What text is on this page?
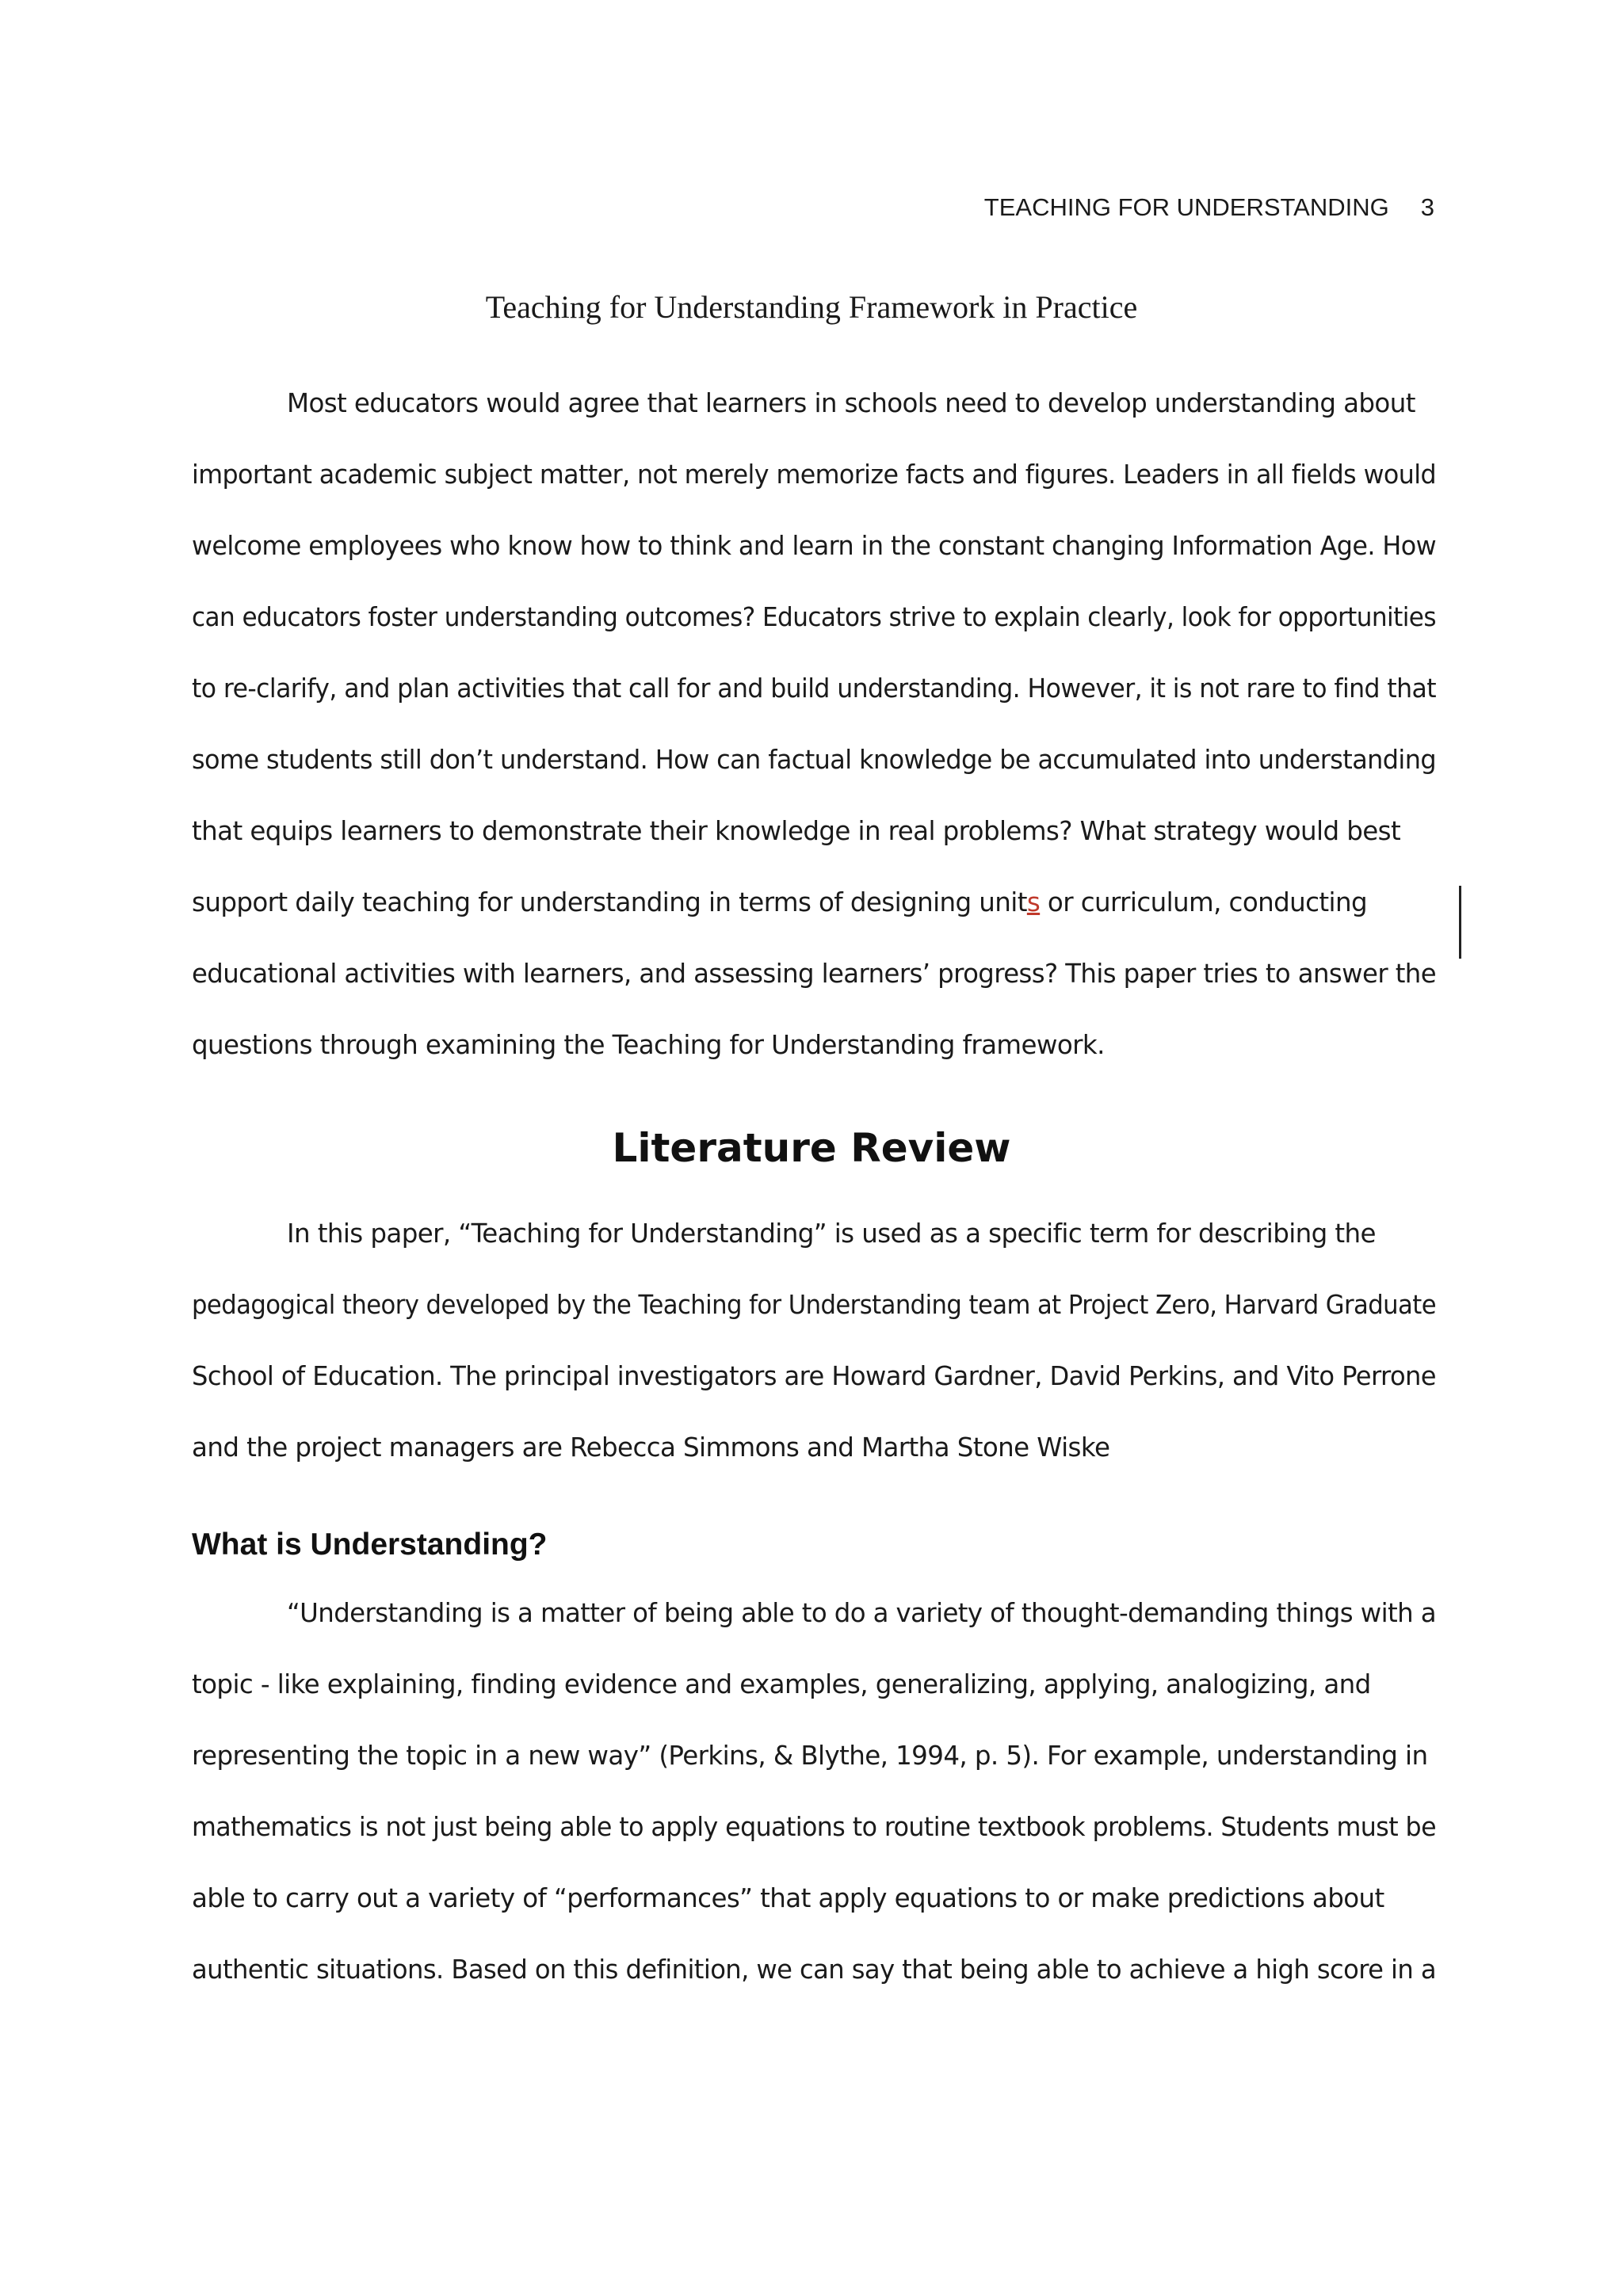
TEACHING FOR UNDERSTANDING 3
Teaching for Understanding Framework in Practice
Most educators would agree that learners in schools need to develop understanding about
important academic subject matter, not merely memorize facts and figures. Leaders in all fields would
welcome employees who know how to think and learn in the constant changing Information Age. How
can educators foster understanding outcomes? Educators strive to explain clearly, look for opportunities
to re-clarify, and plan activities that call for and build understanding. However, it is not rare to find that
some students still don’t understand. How can factual knowledge be accumulated into understanding
that equips learners to demonstrate their knowledge in real problems? What strategy would best
support daily teaching for understanding in terms of designing units or curriculum, conducting
educational activities with learners, and assessing learners’ progress? This paper tries to answer the
questions through examining the Teaching for Understanding framework.
Literature Review
In this paper, “Teaching for Understanding” is used as a specific term for describing the
pedagogical theory developed by the Teaching for Understanding team at Project Zero, Harvard Graduate
School of Education. The principal investigators are Howard Gardner, David Perkins, and Vito Perrone
and the project managers are Rebecca Simmons and Martha Stone Wiske
What is Understanding?
“Understanding is a matter of being able to do a variety of thought-demanding things with a
topic - like explaining, finding evidence and examples, generalizing, applying, analogizing, and
representing the topic in a new way” (Perkins, & Blythe, 1994, p. 5). For example, understanding in
mathematics is not just being able to apply equations to routine textbook problems. Students must be
able to carry out a variety of “performances” that apply equations to or make predictions about
authentic situations. Based on this definition, we can say that being able to achieve a high score in a
